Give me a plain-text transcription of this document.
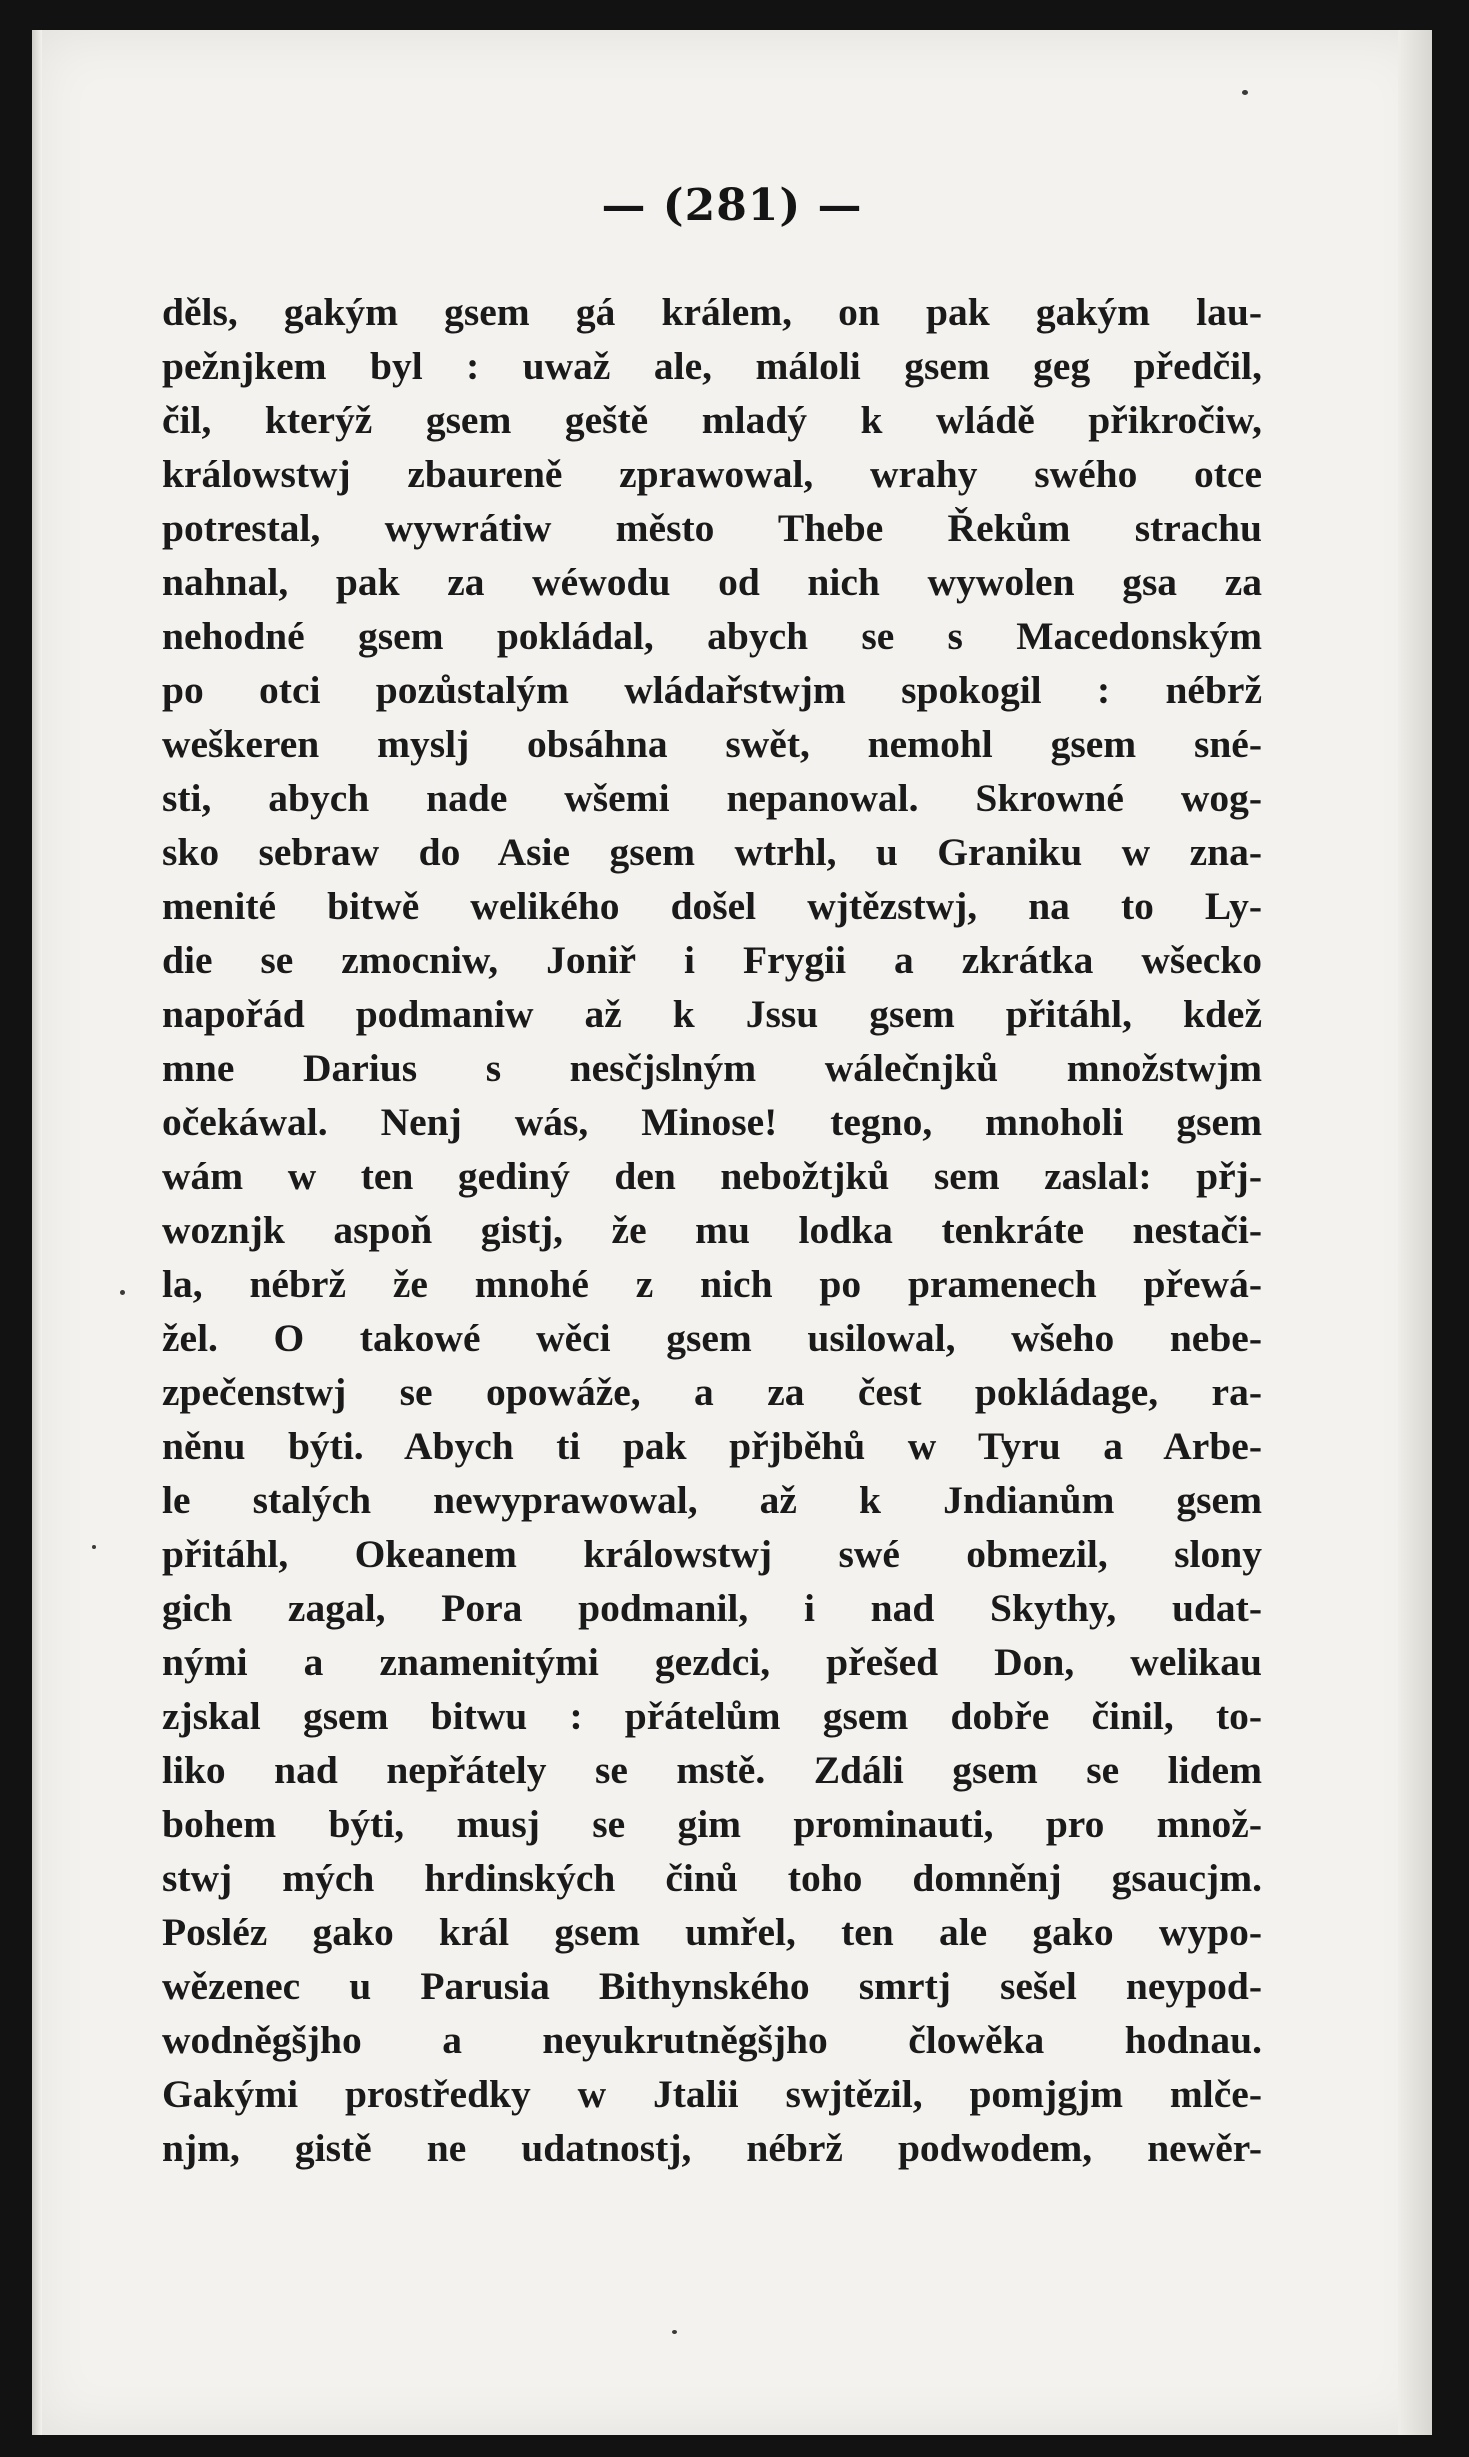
— (281) —
děls, gakým gsem gá králem, on pak gakým lau-
pežnjkem byl : uwaž ale, máloli gsem geg předčil,
čil, kterýž gsem geště mladý k wládě přikročiw,
králowstwj zbaureně zprawowal, wrahy swého otce
potrestal, wywrátiw město Thebe Řekům strachu
nahnal, pak za wéwodu od nich wywolen gsa za
nehodné gsem pokládal, abych se s Macedonským
po otci pozůstalým wládařstwjm spokogil : nébrž
weškeren myslj obsáhna swět, nemohl gsem sné-
sti, abych nade wšemi nepanowal. Skrowné wog-
sko sebraw do Asie gsem wtrhl, u Graniku w zna-
menité bitwě welikého došel wjtězstwj, na to Ly-
die se zmocniw, Joniř i Frygii a zkrátka wšecko
napořád podmaniw až k Jssu gsem přitáhl, kdež
mne Darius s nesčjslným wálečnjků množstwjm
očekáwal. Nenj wás, Minose! tegno, mnoholi gsem
wám w ten gediný den nebožtjků sem zaslal: přj-
woznjk aspoň gistj, že mu lodka tenkráte nestači-
la, nébrž že mnohé z nich po pramenech přewá-
žel. O takowé wěci gsem usilowal, wšeho nebe-
zpečenstwj se opowáže, a za čest pokládage, ra-
něnu býti. Abych ti pak přjběhů w Tyru a Arbe-
le stalých newyprawowal, až k Jndianům gsem
přitáhl, Okeanem králowstwj swé obmezil, slony
gich zagal, Pora podmanil, i nad Skythy, udat-
nými a znamenitými gezdci, přešed Don, welikau
zjskal gsem bitwu : přátelům gsem dobře činil, to-
liko nad nepřátely se mstě. Zdáli gsem se lidem
bohem býti, musj se gim prominauti, pro množ-
stwj mých hrdinských činů toho domněnj gsaucjm.
Posléz gako král gsem umřel, ten ale gako wypo-
wězenec u Parusia Bithynského smrtj sešel neypod-
wodněgšjho a neyukrutněgšjho člowěka hodnau.
Gakými prostředky w Jtalii swjtězil, pomjgjm mlče-
njm, gistě ne udatnostj, nébrž podwodem, newěr-
